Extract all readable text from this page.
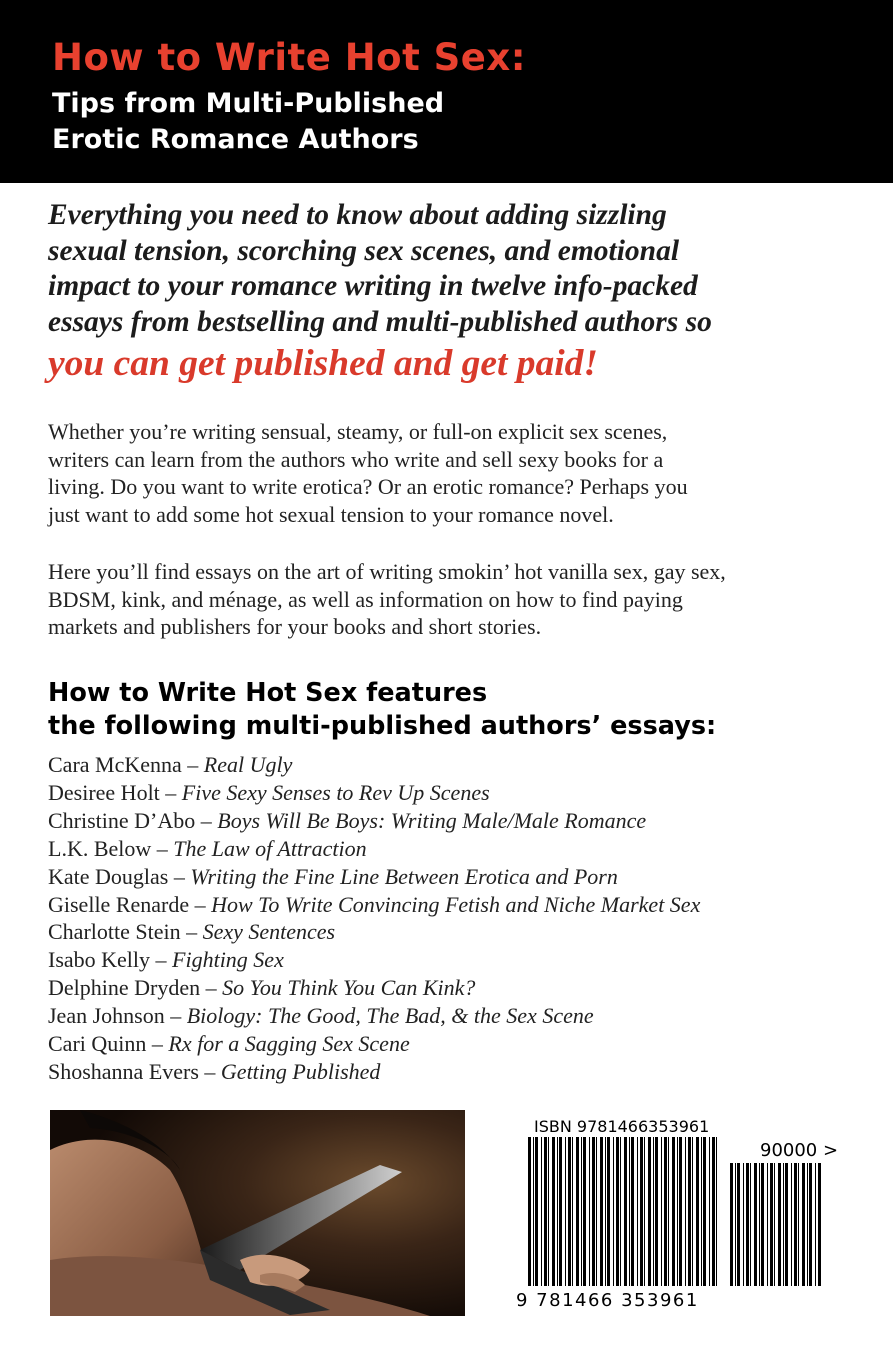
How to Write Hot Sex:
Tips from Multi-Published
Erotic Romance Authors
Everything you need to know about adding sizzling
sexual tension, scorching sex scenes, and emotional
impact to your romance writing in twelve info-packed
essays from bestselling and multi-published authors so
you can get published and get paid!
Whether you’re writing sensual, steamy, or full-on explicit sex scenes,
writers can learn from the authors who write and sell sexy books for a
living. Do you want to write erotica? Or an erotic romance? Perhaps you
just want to add some hot sexual tension to your romance novel.
Here you’ll find essays on the art of writing smokin’ hot vanilla sex, gay sex,
BDSM, kink, and ménage, as well as information on how to find paying
markets and publishers for your books and short stories.
How to Write Hot Sex features
the following multi-published authors’ essays:
Cara McKenna – Real Ugly
Desiree Holt – Five Sexy Senses to Rev Up Scenes
Christine D’Abo – Boys Will Be Boys: Writing Male/Male Romance
L.K. Below – The Law of Attraction
Kate Douglas – Writing the Fine Line Between Erotica and Porn
Giselle Renarde – How To Write Convincing Fetish and Niche Market Sex
Charlotte Stein – Sexy Sentences
Isabo Kelly – Fighting Sex
Delphine Dryden – So You Think You Can Kink?
Jean Johnson – Biology: The Good, The Bad, & the Sex Scene
Cari Quinn – Rx for a Sagging Sex Scene
Shoshanna Evers – Getting Published
ISBN 9781466353961
90000 >
9 781466 353961
